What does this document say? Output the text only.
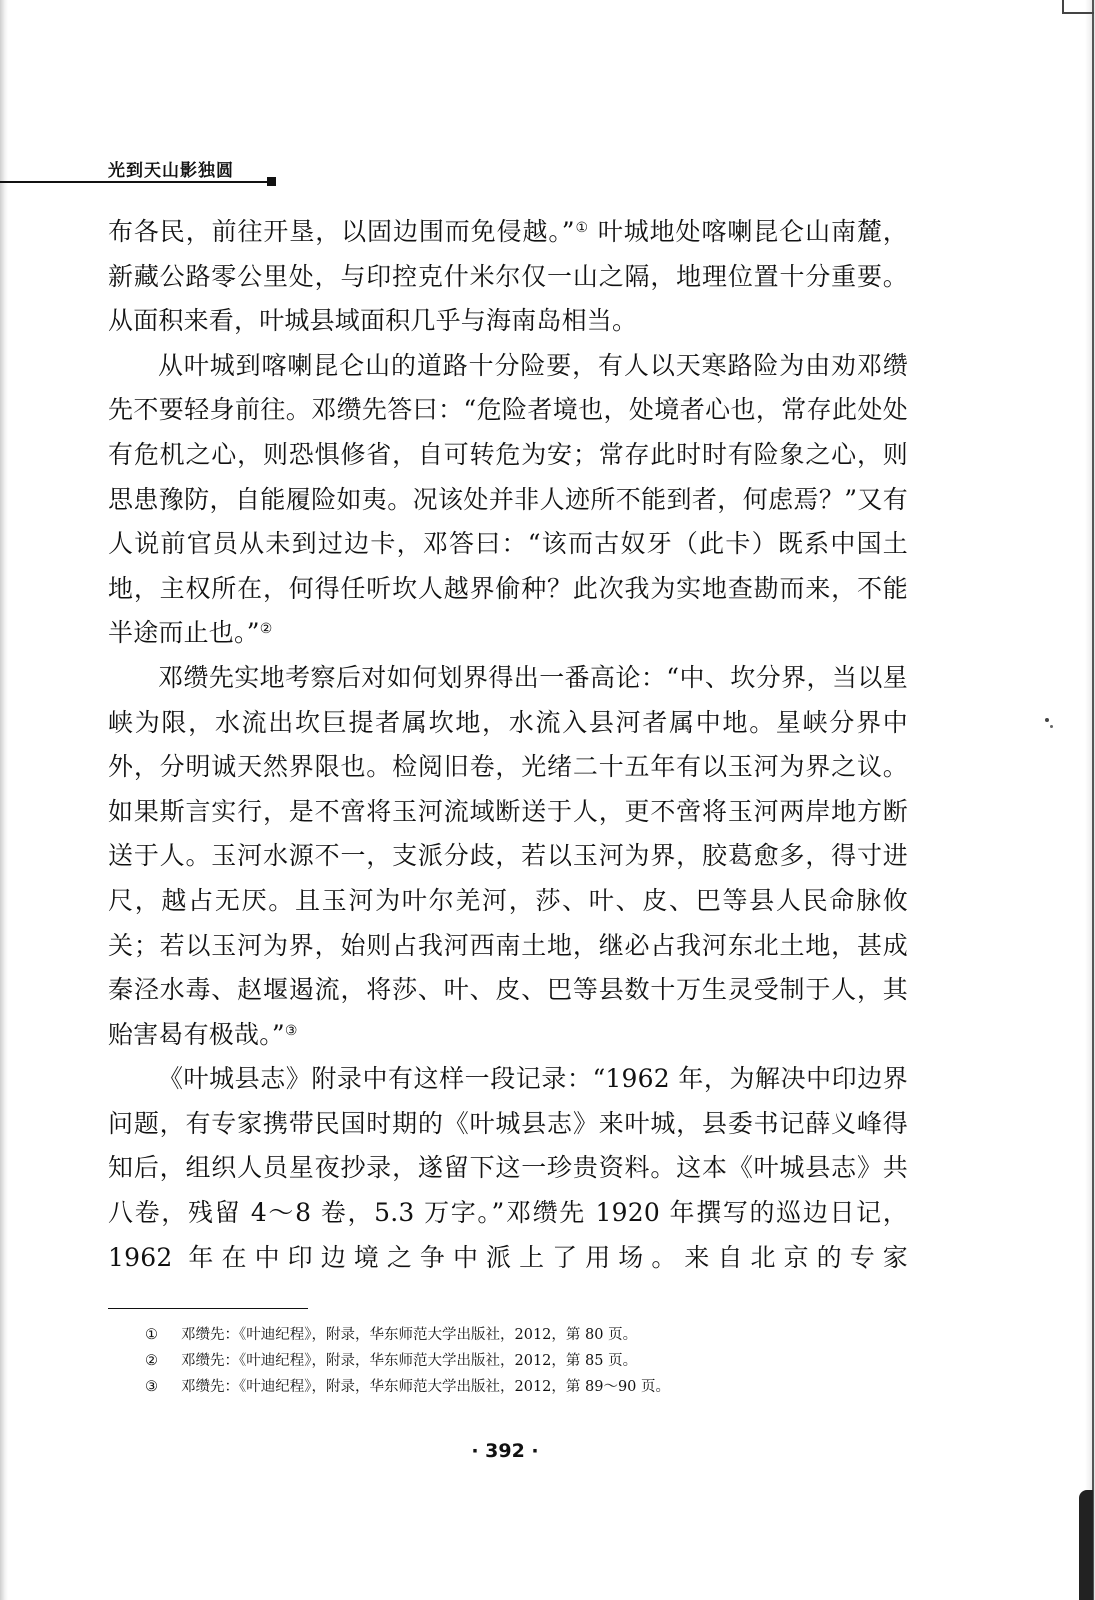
光到天山影独圆

布各民，前往开垦，以固边围而免侵越。”① 叶城地处喀喇昆仑山南麓，新藏公路零公里处，与印控克什米尔仅一山之隔，地理位置十分重要。从面积来看，叶城县域面积几乎与海南岛相当。

从叶城到喀喇昆仑山的道路十分险要，有人以天寒路险为由劝邓缵先不要轻身前往。邓缵先答曰：“危险者境也，处境者心也，常存此处处有危机之心，则恐惧修省，自可转危为安；常存此时时有险象之心，则思患豫防，自能履险如夷。况该处并非人迹所不能到者，何虑焉？”又有人说前官员从未到过边卡，邓答曰：“该而古奴牙（此卡）既系中国土地，主权所在，何得任听坎人越界偷种？此次我为实地查勘而来，不能半途而止也。”②

邓缵先实地考察后对如何划界得出一番高论：“中、坎分界，当以星峡为限，水流出坎巨提者属坎地，水流入县河者属中地。星峡分界中外，分明诚天然界限也。检阅旧卷，光绪二十五年有以玉河为界之议。如果斯言实行，是不啻将玉河流域断送于人，更不啻将玉河两岸地方断送于人。玉河水源不一，支派分歧，若以玉河为界，胶葛愈多，得寸进尺，越占无厌。且玉河为叶尔羌河，莎、叶、皮、巴等县人民命脉攸关；若以玉河为界，始则占我河西南土地，继必占我河东北土地，甚成秦泾水毒、赵堰遏流，将莎、叶、皮、巴等县数十万生灵受制于人，其贻害曷有极哉。”③

《叶城县志》附录中有这样一段记录：“1962 年，为解决中印边界问题，有专家携带民国时期的《叶城县志》来叶城，县委书记薛义峰得知后，组织人员星夜抄录，遂留下这一珍贵资料。这本《叶城县志》共八卷，残留 4～8 卷，5.3 万字。”邓缵先 1920 年撰写的巡边日记，1962 年在中印边境之争中派上了用场。来自北京的专家

①	邓缵先：《叶迪纪程》，附录，华东师范大学出版社，2012，第 80 页。
②	邓缵先：《叶迪纪程》，附录，华东师范大学出版社，2012，第 85 页。
③	邓缵先：《叶迪纪程》，附录，华东师范大学出版社，2012，第 89～90 页。
· 392 ·
